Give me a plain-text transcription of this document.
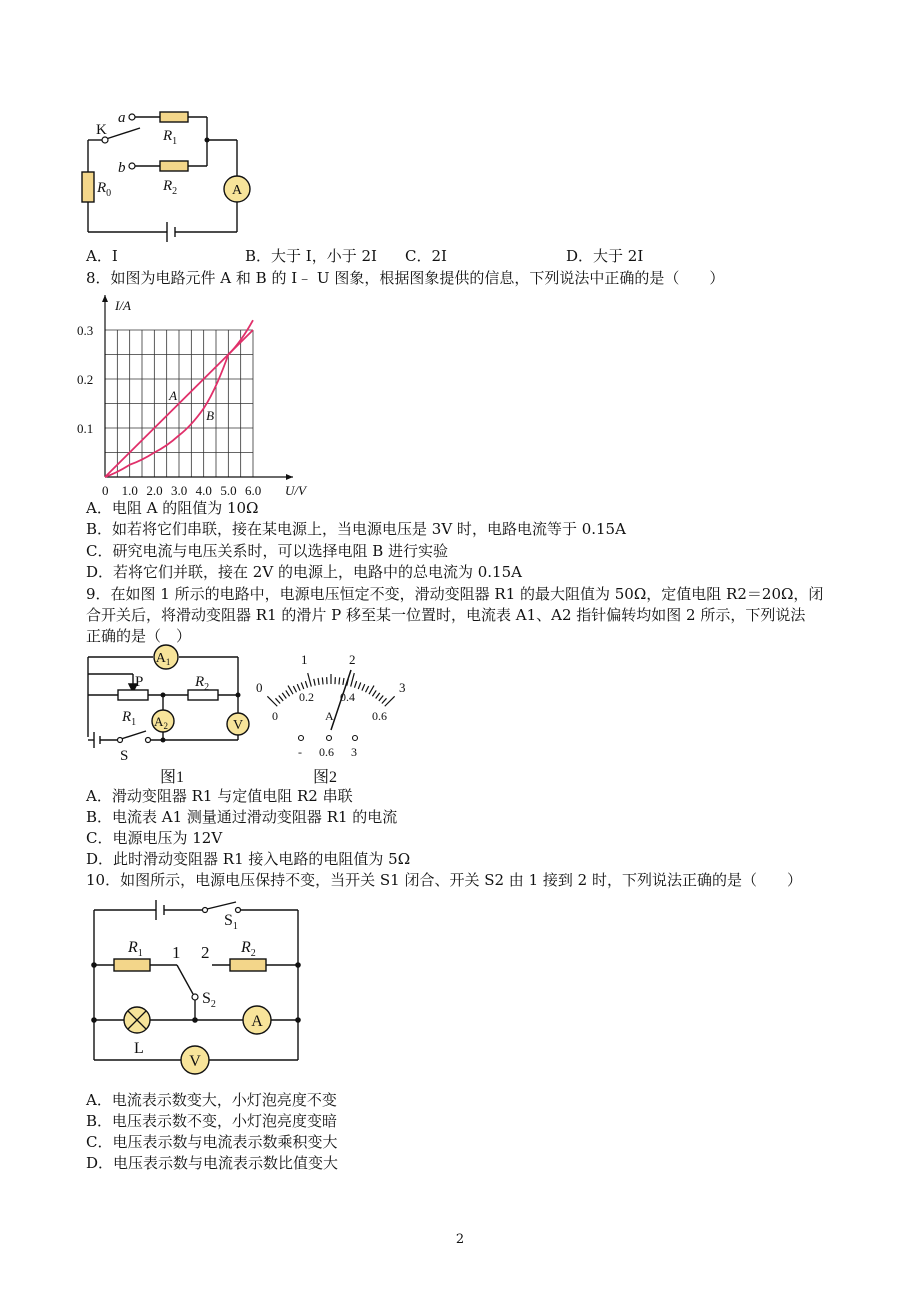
A
a
b
K	$R_1$
$R_2$
$R_0$
A．I	B．大于 I，小于 2I C．2I	D．大于 2I
8．如图为电路元件 A 和 B 的 I﹣ U 图象，根据图象提供的信息，下列说法中正确的是（　　）
0 1.0 2.0 3.0 4.0 5.0 6.0
0.1
0.2
0.3
U/V
I/A
A
B
A．电阻 A 的阻值为 10Ω
B．如若将它们串联，接在某电源上，当电源电压是 3V 时，电路电流等于 0.15A
C．研究电流与电压关系时，可以选择电阻 B 进行实验
D．若将它们并联，接在 2V 的电源上，电路中的总电流为 0.15A
9．在如图 1 所示的电路中，电源电压恒定不变，滑动变阻器 R1 的最大阻值为 50Ω，定值电阻 R2＝20Ω，闭
合开关后，将滑动变阻器 R1 的滑片 P 移至某一位置时，电流表 A1、A2 指针偏转均如图 2 所示，下列说法
正确的是（　）
$A_1$
$A_2$	V
P
$R_1$
$R_2$
S
图1
0
1	2
3
0
0.2 0.4
0.6
A
- 0.6 3
图2
A．滑动变阻器 R1 与定值电阻 R2 串联
B．电流表 A1 测量通过滑动变阻器 R1 的电流
C．电源电压为 12V
D．此时滑动变阻器 R1 接入电路的电阻值为 5Ω
10．如图所示，电源电压保持不变，当开关 S1 闭合、开关 S2 由 1 接到 2 时，下列说法正确的是（　　）
A
V
$S_1$
$S_2$
$R_1$	$R_2$
1 2
L
A．电流表示数变大，小灯泡亮度不变
B．电压表示数不变，小灯泡亮度变暗
C．电压表示数与电流表示数乘积变大
D．电压表示数与电流表示数比值变大
2
